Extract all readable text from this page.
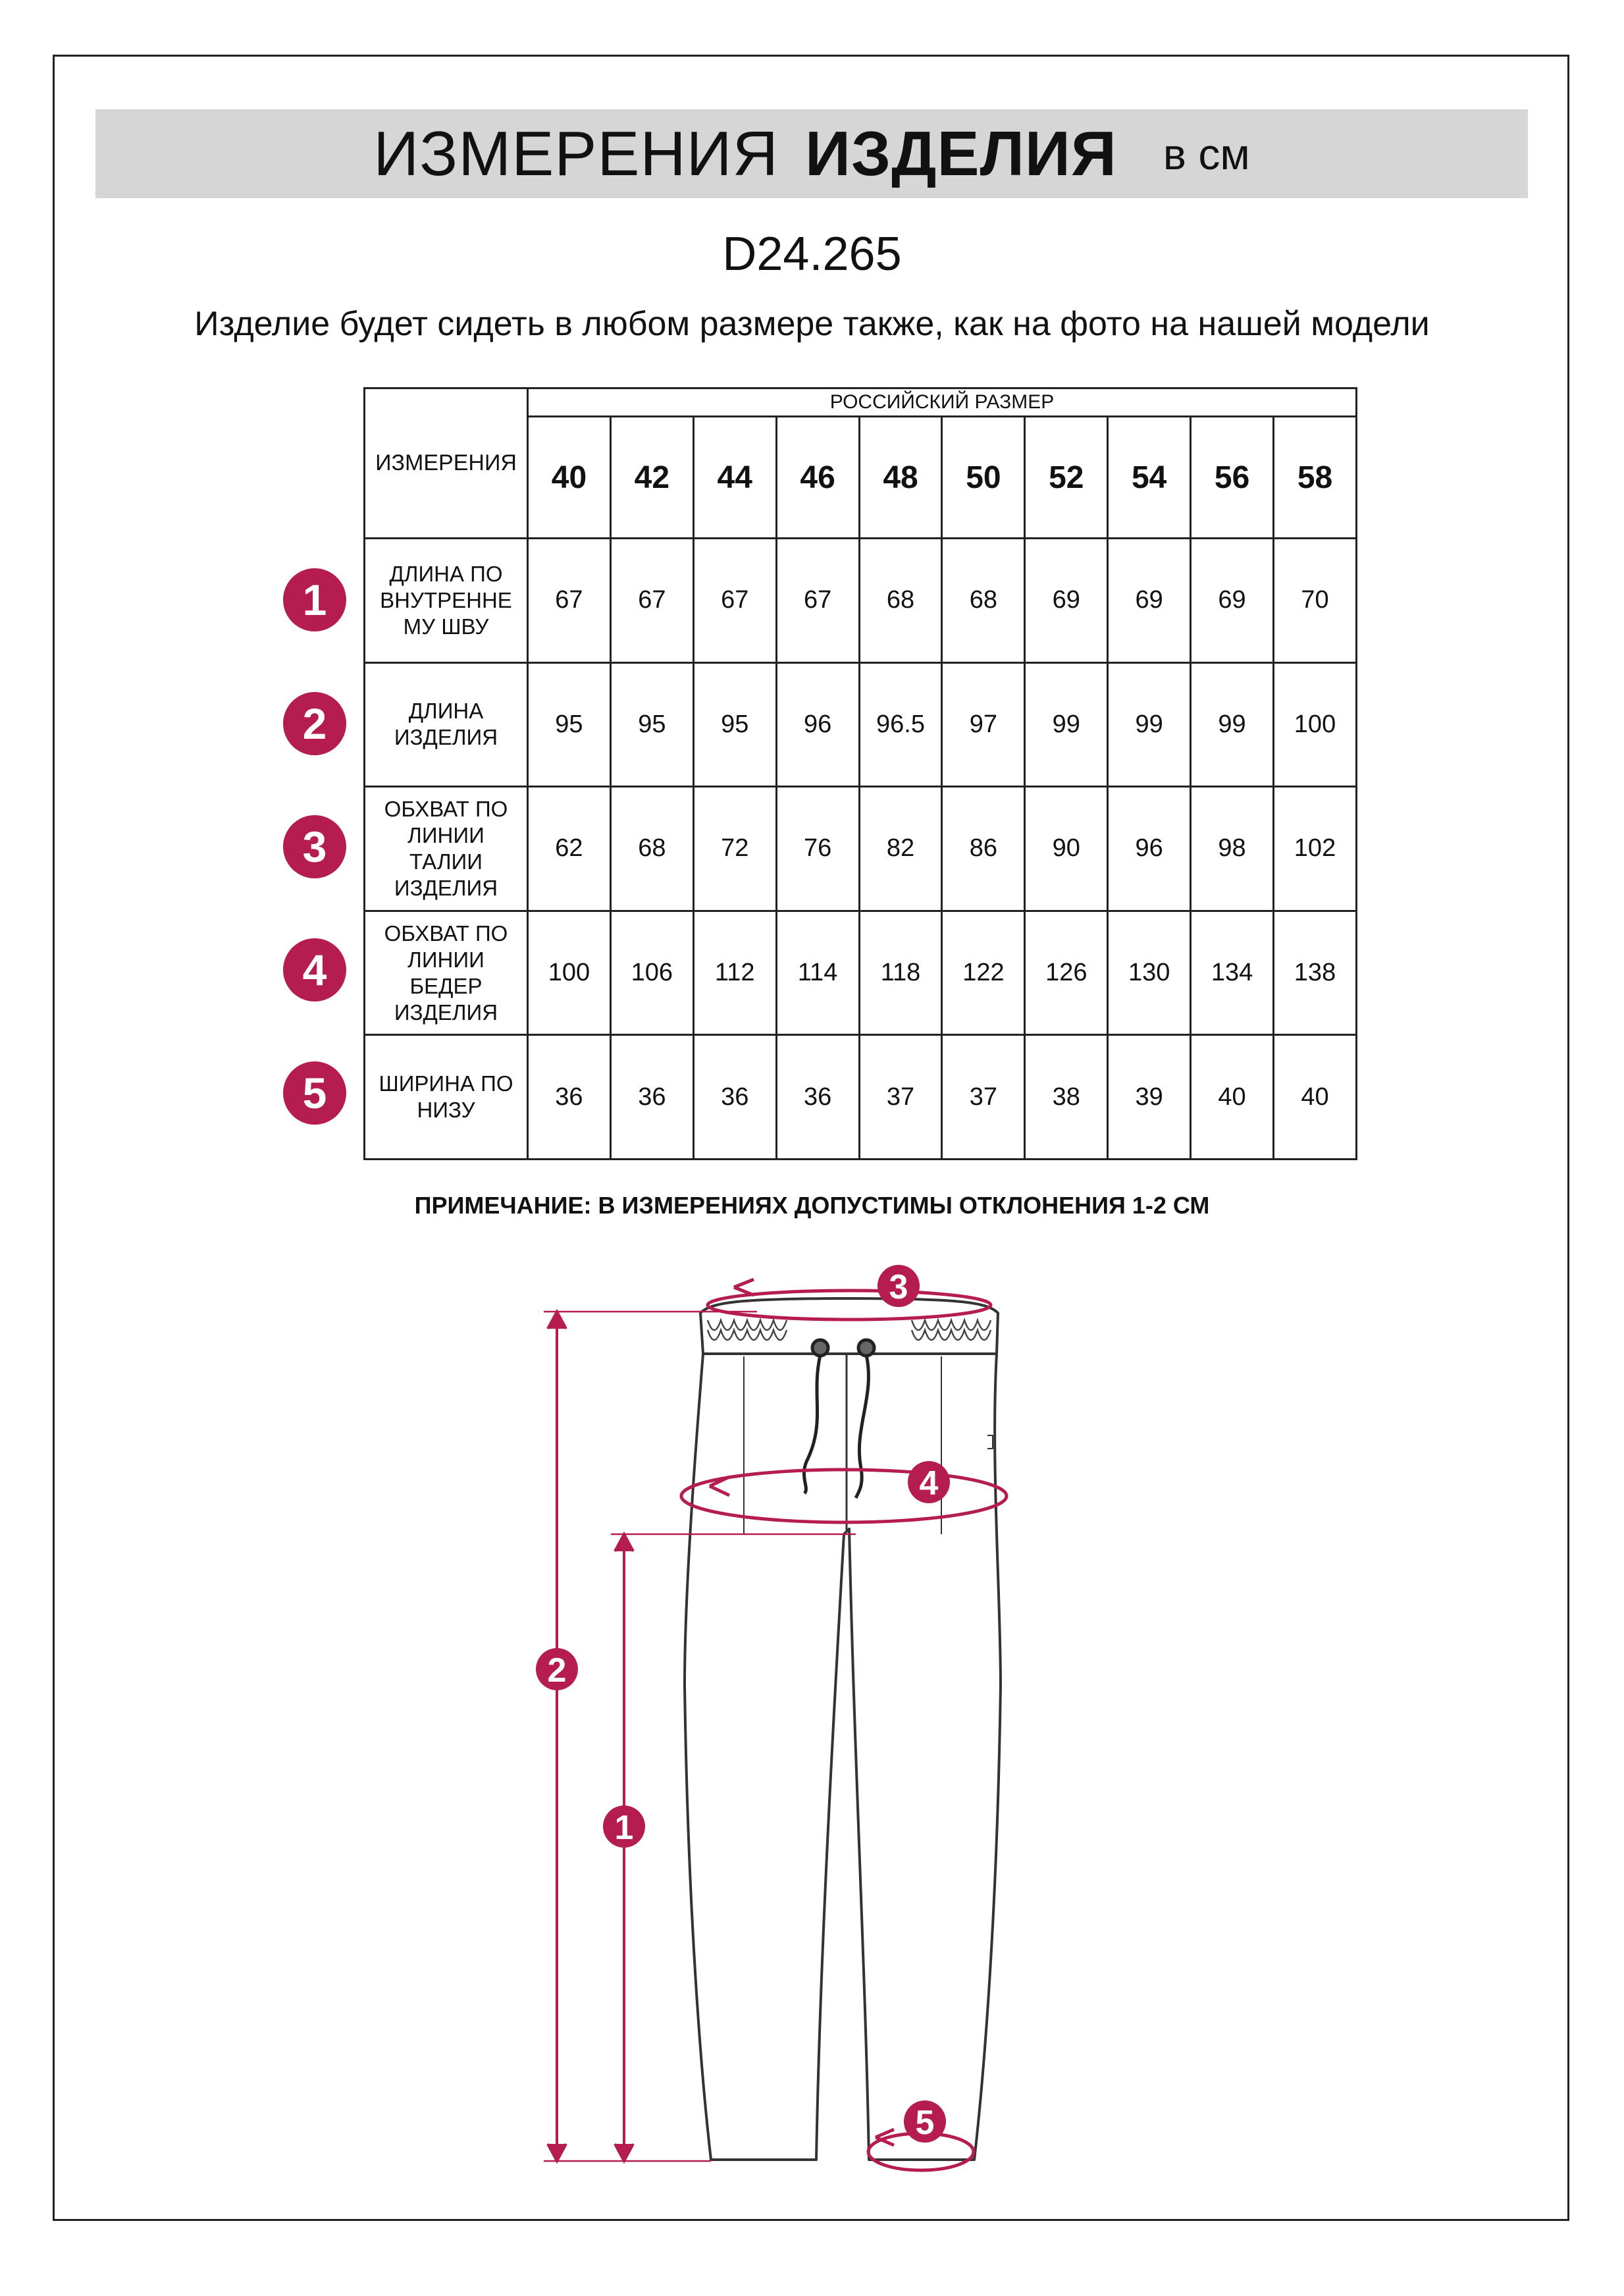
ИЗМЕРЕНИЯ ИЗДЕЛИЯ в см
D24.265
Изделие будет сидеть в любом размере также, как на фото на нашей модели
ИЗМЕРЕНИЯ	РОССИЙСКИЙ РАЗМЕР									
	40	42	44	46	48	50	52	54	56	58

ДЛИНА ПО
ВНУТРЕННЕ
МУ ШВУ	67	67	67	67	68	68	69	69	69	70

ДЛИНА
ИЗДЕЛИЯ	95	95	95	96	96.5	97	99	99	99	100

ОБХВАТ ПО
ЛИНИИ
ТАЛИИ
ИЗДЕЛИЯ	62	68	72	76	82	86	90	96	98	102

ОБХВАТ ПО
ЛИНИИ
БЕДЕР
ИЗДЕЛИЯ	100	106	112	114	118	122	126	130	134	138

ШИРИНА ПО
НИЗУ	36	36	36	36	37	37	38	39	40	40
1
2
3
4
5
ПРИМЕЧАНИЕ: В ИЗМЕРЕНИЯХ ДОПУСТИМЫ ОТКЛОНЕНИЯ 1-2 СМ
3
4
2
1
5
